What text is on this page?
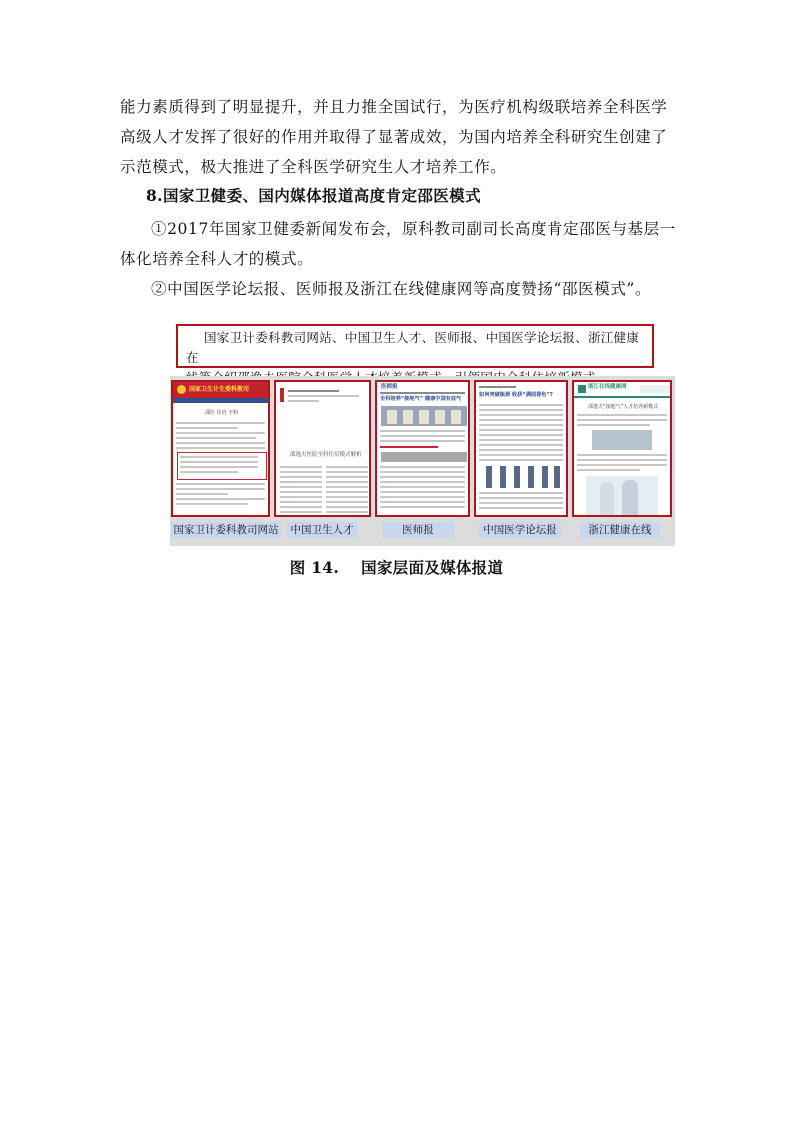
能力素质得到了明显提升，并且力推全国试行，为医疗机构级联培养全科医学高级人才发挥了很好的作用并取得了显著成效，为国内培养全科研究生创建了示范模式，极大推进了全科医学研究生人才培养工作。

8.国家卫健委、国内媒体报道高度肯定邵医模式

①2017年国家卫健委新闻发布会，原科教司副司长高度肯定邵医与基层一体化培养全科人才的模式。

②中国医学论坛报、医师报及浙江在线健康网等高度赞扬“邵医模式”。

国家卫计委科教司网站、中国卫生人才、医师报、中国医学论坛报、浙江健康在
国家卫生计生委科教司
邵医 住培 全科
邵逸夫医院全科住培模式解析
医师报
全科培养“接地气” 健康中国有底气
如何突破瓶颈 收获“满园春色”?
浙江在线健康网
邵逸夫“接地气”人才培养新模式
国家卫计委科教司网站	中国卫生人才	医师报	中国医学论坛报	浙江健康在线
图 14. 国家层面及媒体报道
